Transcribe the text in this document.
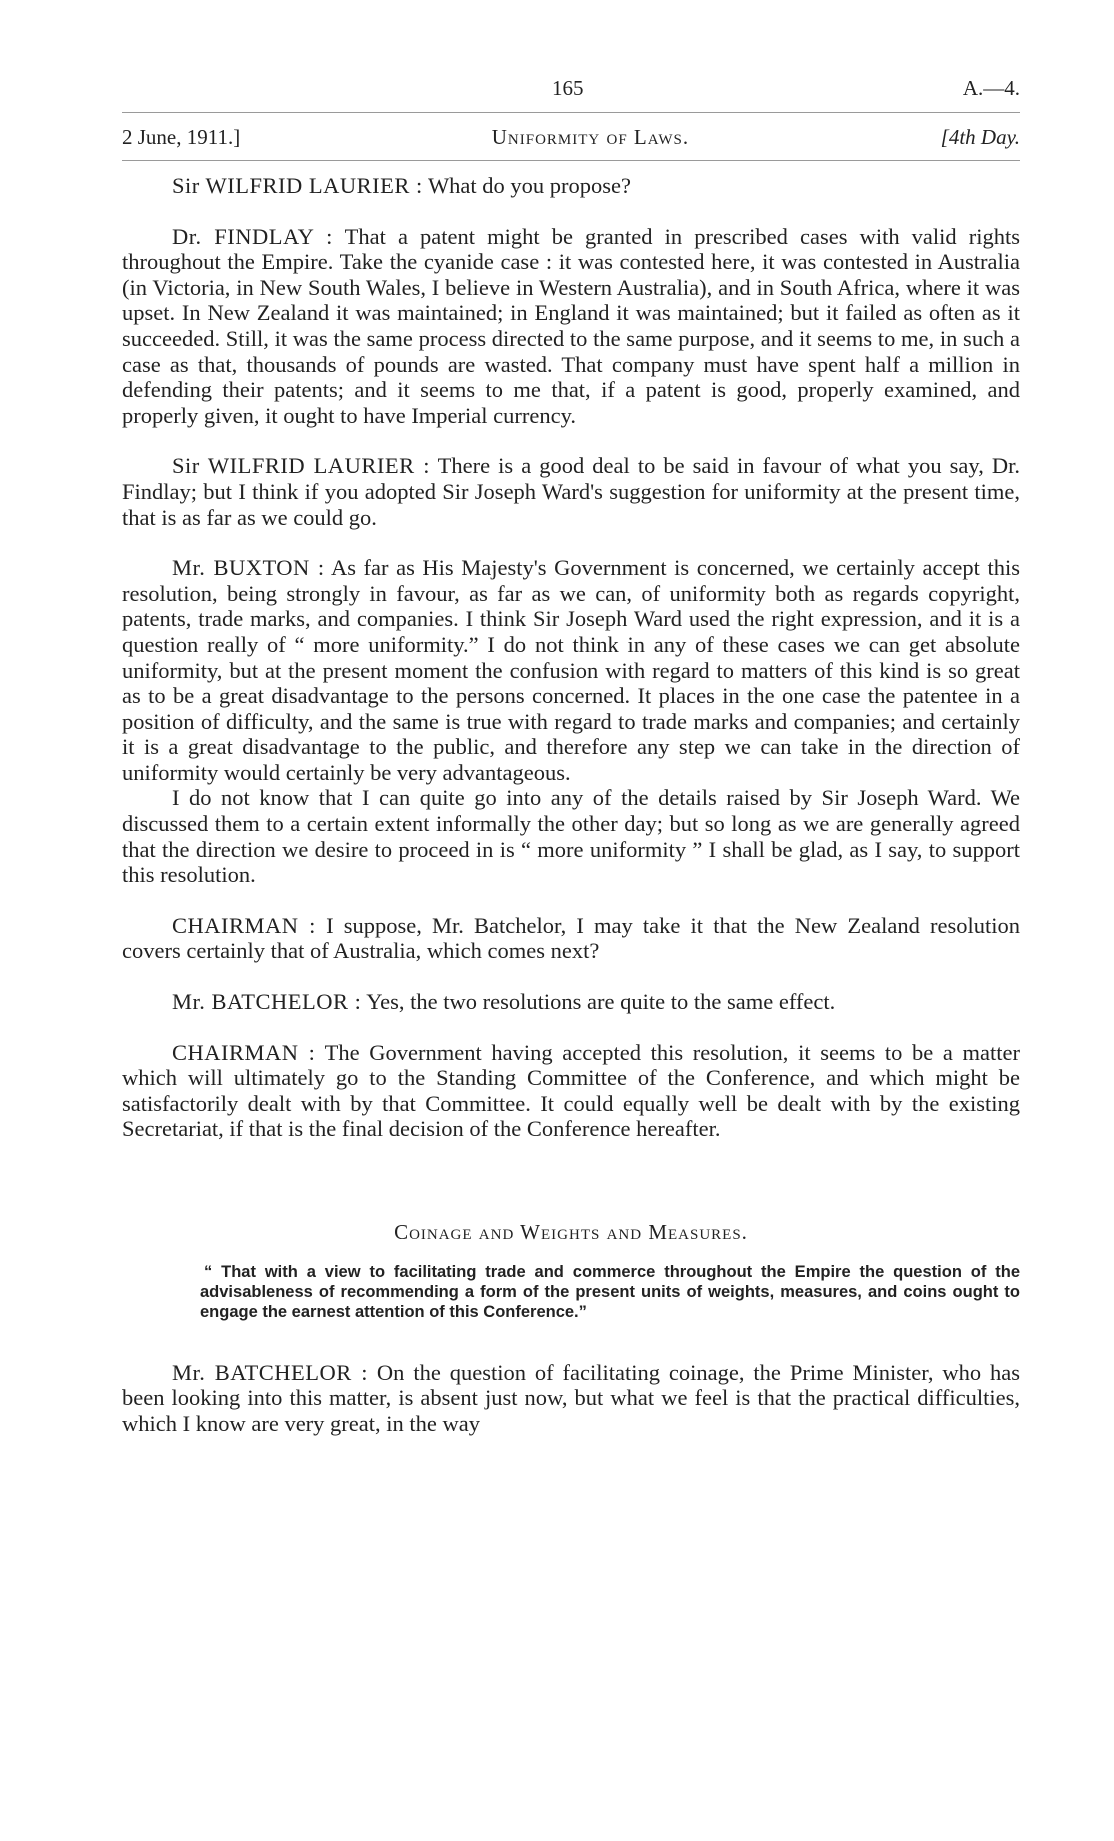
165	A.—4.
2 June, 1911.]	Uniformity of Laws.	[4th Day.

Sir WILFRID LAURIER : What do you propose?

Dr. FINDLAY : That a patent might be granted in prescribed cases with valid rights throughout the Empire. Take the cyanide case : it was contested here, it was contested in Australia (in Victoria, in New South Wales, I believe in Western Australia), and in South Africa, where it was upset. In New Zealand it was maintained; in England it was maintained; but it failed as often as it succeeded. Still, it was the same process directed to the same purpose, and it seems to me, in such a case as that, thousands of pounds are wasted. That company must have spent half a million in defending their patents; and it seems to me that, if a patent is good, properly examined, and properly given, it ought to have Imperial currency.

Sir WILFRID LAURIER : There is a good deal to be said in favour of what you say, Dr. Findlay; but I think if you adopted Sir Joseph Ward's suggestion for uniformity at the present time, that is as far as we could go.

Mr. BUXTON : As far as His Majesty's Government is concerned, we certainly accept this resolution, being strongly in favour, as far as we can, of uniformity both as regards copyright, patents, trade marks, and companies. I think Sir Joseph Ward used the right expression, and it is a question really of “ more uniformity.” I do not think in any of these cases we can get absolute uniformity, but at the present moment the confusion with regard to matters of this kind is so great as to be a great disadvantage to the persons concerned. It places in the one case the patentee in a position of difficulty, and the same is true with regard to trade marks and companies; and certainly it is a great disadvantage to the public, and therefore any step we can take in the direction of uniformity would certainly be very advantageous.

I do not know that I can quite go into any of the details raised by Sir Joseph Ward. We discussed them to a certain extent informally the other day; but so long as we are generally agreed that the direction we desire to proceed in is “ more uniformity ” I shall be glad, as I say, to support this resolution.

CHAIRMAN : I suppose, Mr. Batchelor, I may take it that the New Zealand resolution covers certainly that of Australia, which comes next?

Mr. BATCHELOR : Yes, the two resolutions are quite to the same effect.

CHAIRMAN : The Government having accepted this resolution, it seems to be a matter which will ultimately go to the Standing Committee of the Conference, and which might be satisfactorily dealt with by that Committee. It could equally well be dealt with by the existing Secretariat, if that is the final decision of the Conference hereafter.

Coinage and Weights and Measures.

“ That with a view to facilitating trade and commerce throughout the Empire the question of the advisableness of recommending a form of the present units of weights, measures, and coins ought to engage the earnest attention of this Conference.”

Mr. BATCHELOR : On the question of facilitating coinage, the Prime Minister, who has been looking into this matter, is absent just now, but what we feel is that the practical difficulties, which I know are very great, in the way
